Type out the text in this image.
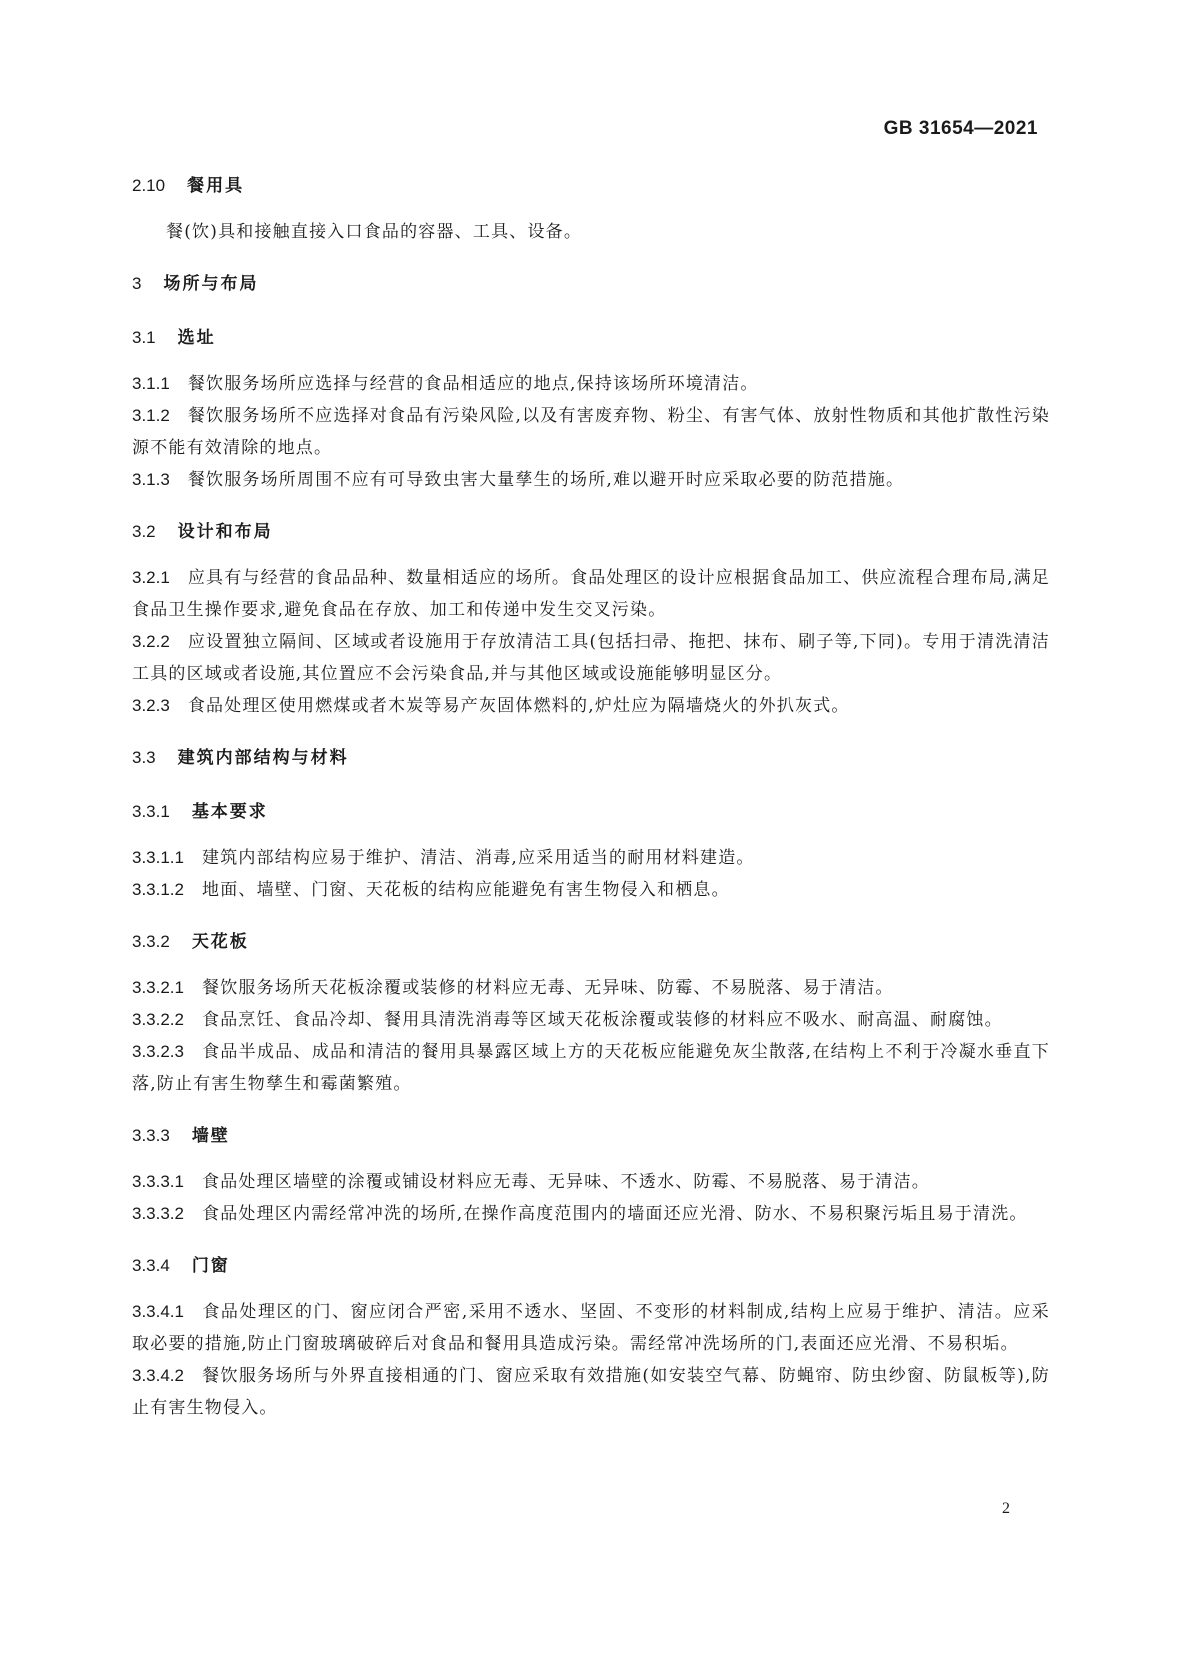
GB 31654—2021
2.10 餐用具

餐(饮)具和接触直接入口食品的容器、工具、设备。

3 场所与布局
3.1 选址

3.1.1 餐饮服务场所应选择与经营的食品相适应的地点,保持该场所环境清洁。

3.1.2 餐饮服务场所不应选择对食品有污染风险,以及有害废弃物、粉尘、有害气体、放射性物质和其他扩散性污染源不能有效清除的地点。

3.1.3 餐饮服务场所周围不应有可导致虫害大量孳生的场所,难以避开时应采取必要的防范措施。

3.2 设计和布局

3.2.1 应具有与经营的食品品种、数量相适应的场所。食品处理区的设计应根据食品加工、供应流程合理布局,满足食品卫生操作要求,避免食品在存放、加工和传递中发生交叉污染。

3.2.2 应设置独立隔间、区域或者设施用于存放清洁工具(包括扫帚、拖把、抹布、刷子等,下同)。专用于清洗清洁工具的区域或者设施,其位置应不会污染食品,并与其他区域或设施能够明显区分。

3.2.3 食品处理区使用燃煤或者木炭等易产灰固体燃料的,炉灶应为隔墙烧火的外扒灰式。

3.3 建筑内部结构与材料
3.3.1 基本要求

3.3.1.1 建筑内部结构应易于维护、清洁、消毒,应采用适当的耐用材料建造。

3.3.1.2 地面、墙壁、门窗、天花板的结构应能避免有害生物侵入和栖息。

3.3.2 天花板

3.3.2.1 餐饮服务场所天花板涂覆或装修的材料应无毒、无异味、防霉、不易脱落、易于清洁。

3.3.2.2 食品烹饪、食品冷却、餐用具清洗消毒等区域天花板涂覆或装修的材料应不吸水、耐高温、耐腐蚀。

3.3.2.3 食品半成品、成品和清洁的餐用具暴露区域上方的天花板应能避免灰尘散落,在结构上不利于冷凝水垂直下落,防止有害生物孳生和霉菌繁殖。

3.3.3 墙壁

3.3.3.1 食品处理区墙壁的涂覆或铺设材料应无毒、无异味、不透水、防霉、不易脱落、易于清洁。

3.3.3.2 食品处理区内需经常冲洗的场所,在操作高度范围内的墙面还应光滑、防水、不易积聚污垢且易于清洗。

3.3.4 门窗

3.3.4.1 食品处理区的门、窗应闭合严密,采用不透水、坚固、不变形的材料制成,结构上应易于维护、清洁。应采取必要的措施,防止门窗玻璃破碎后对食品和餐用具造成污染。需经常冲洗场所的门,表面还应光滑、不易积垢。

3.3.4.2 餐饮服务场所与外界直接相通的门、窗应采取有效措施(如安装空气幕、防蝇帘、防虫纱窗、防鼠板等),防止有害生物侵入。

2
